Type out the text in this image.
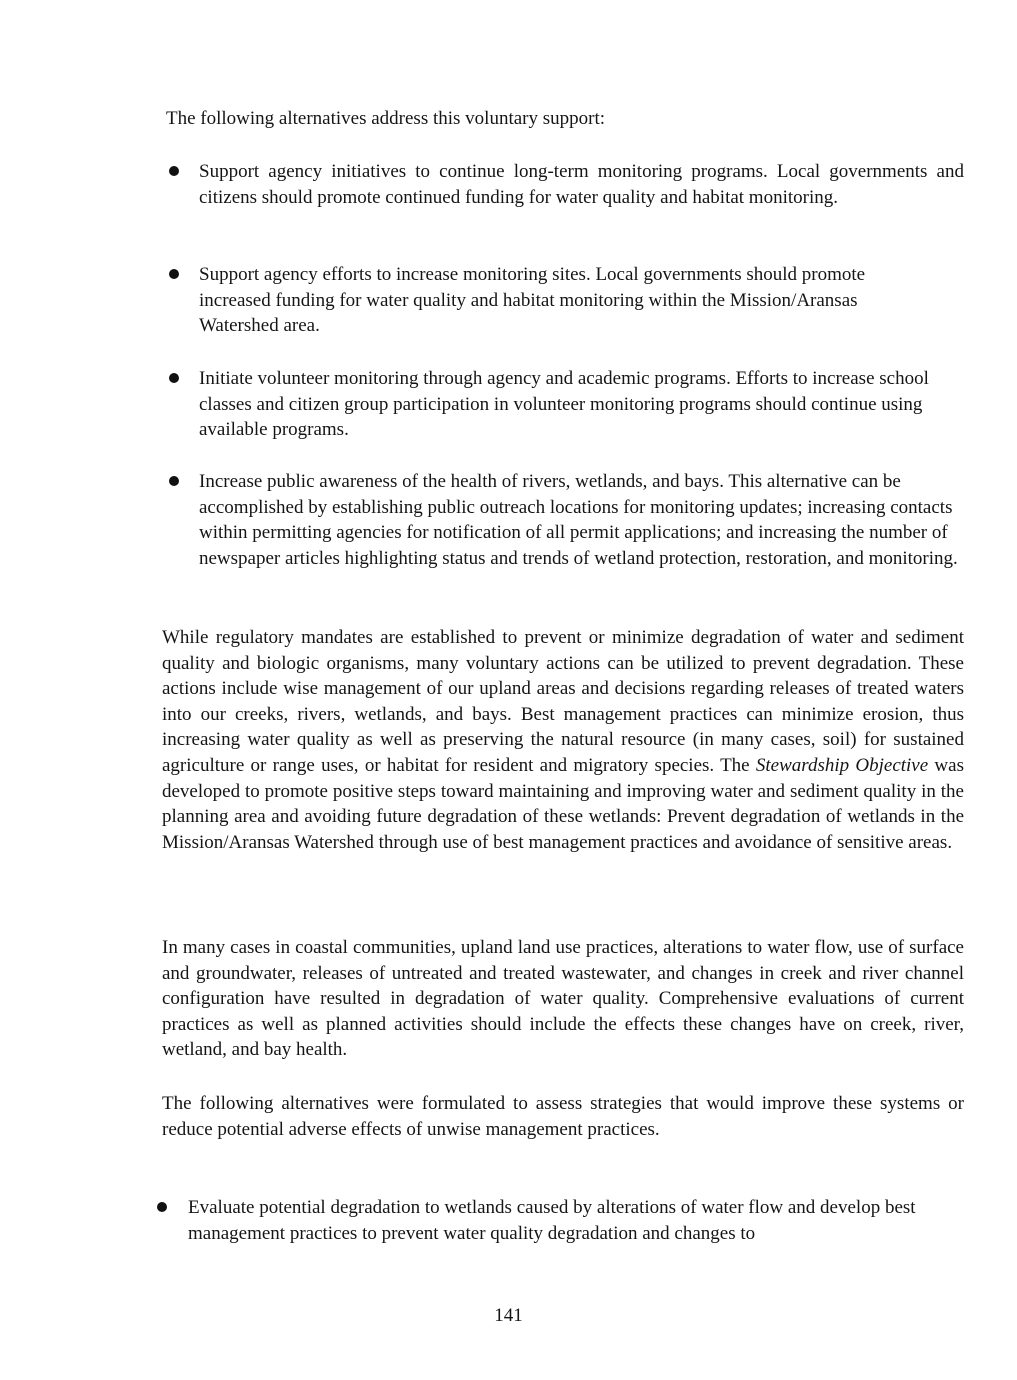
The following alternatives address this voluntary support:

Support agency initiatives to continue long-term monitoring programs. Local governments and citizens should promote continued funding for water quality and habitat monitoring.

Support agency efforts to increase monitoring sites. Local governments should promote increased funding for water quality and habitat monitoring within the Mission/Aransas Watershed area.

Initiate volunteer monitoring through agency and academic programs. Efforts to increase school classes and citizen group participation in volunteer monitoring programs should continue using available programs.

Increase public awareness of the health of rivers, wetlands, and bays. This alternative can be accomplished by establishing public outreach locations for monitoring updates; increasing contacts within permitting agencies for notification of all permit applications; and increasing the number of newspaper articles highlighting status and trends of wetland protection, restoration, and monitoring.

While regulatory mandates are established to prevent or minimize degradation of water and sediment quality and biologic organisms, many voluntary actions can be utilized to prevent degradation. These actions include wise management of our upland areas and decisions regarding releases of treated waters into our creeks, rivers, wetlands, and bays. Best management practices can minimize erosion, thus increasing water quality as well as preserving the natural resource (in many cases, soil) for sustained agriculture or range uses, or habitat for resident and migratory species. The Stewardship Objective was developed to promote positive steps toward maintaining and improving water and sediment quality in the planning area and avoiding future degradation of these wetlands: Prevent degradation of wetlands in the Mission/Aransas Watershed through use of best management practices and avoidance of sensitive areas.

In many cases in coastal communities, upland land use practices, alterations to water flow, use of surface and groundwater, releases of untreated and treated wastewater, and changes in creek and river channel configuration have resulted in degradation of water quality. Comprehensive evaluations of current practices as well as planned activities should include the effects these changes have on creek, river, wetland, and bay health.

The following alternatives were formulated to assess strategies that would improve these systems or reduce potential adverse effects of unwise management practices.

Evaluate potential degradation to wetlands caused by alterations of water flow and develop best management practices to prevent water quality degradation and changes to

141
